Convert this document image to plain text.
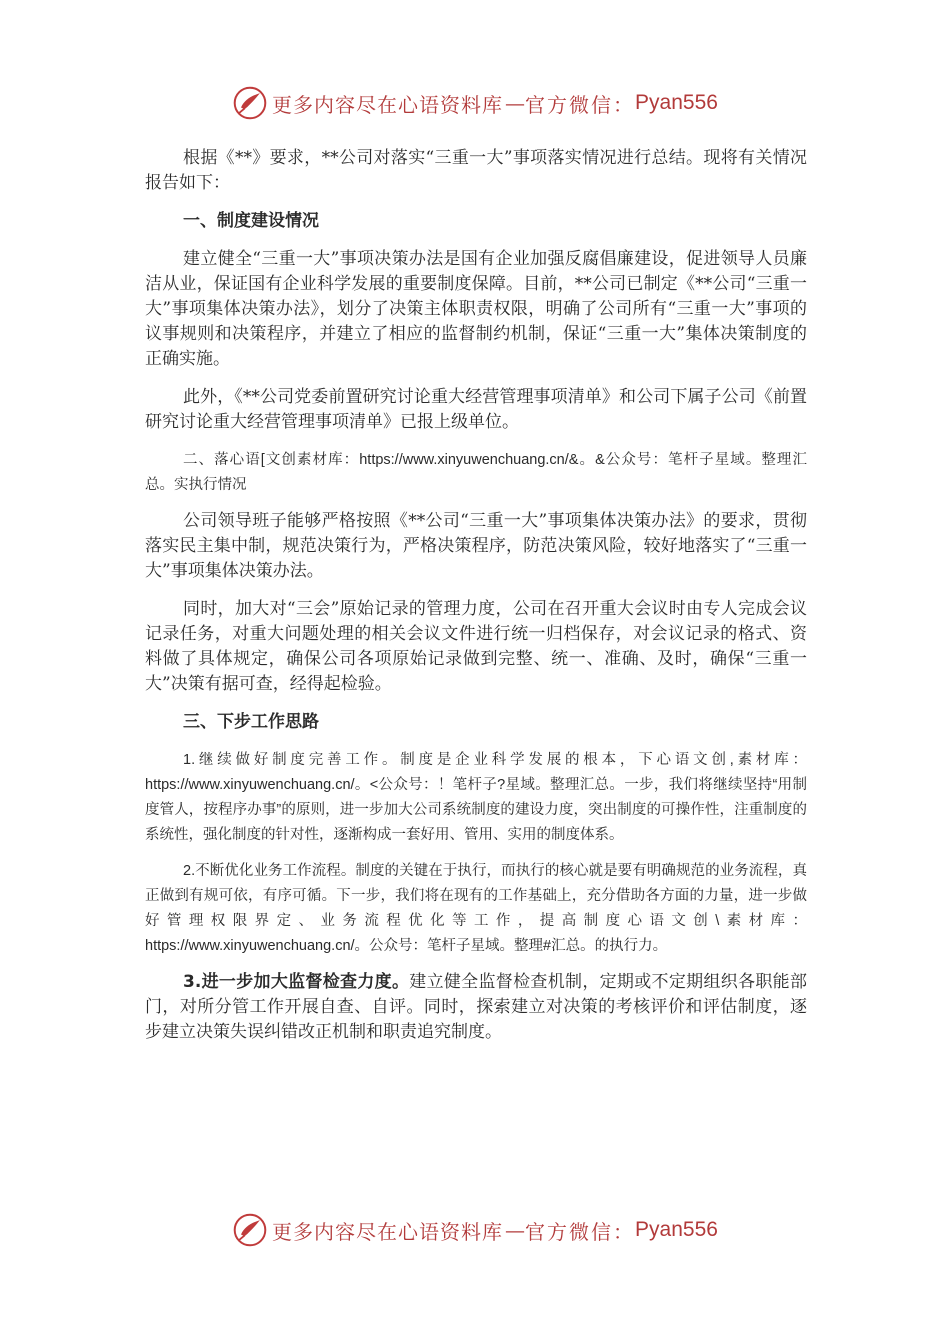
更多内容尽在心语资料库 — 官方微信： Pyan556

根据《**》要求，**公司对落实“三重一大”事项落实情况进行总结。现将有关情况报告如下：

一、制度建设情况

建立健全“三重一大”事项决策办法是国有企业加强反腐倡廉建设，促进领导人员廉洁从业，保证国有企业科学发展的重要制度保障。目前，**公司已制定《**公司“三重一大”事项集体决策办法》，划分了决策主体职责权限，明确了公司所有“三重一大”事项的议事规则和决策程序，并建立了相应的监督制约机制，保证“三重一大”集体决策制度的正确实施。

此外，《**公司党委前置研究讨论重大经营管理事项清单》和公司下属子公司《前置研究讨论重大经营管理事项清单》已报上级单位。

二、落心语[文创素材库：https://www.xinyuwenchuang.cn/&。&公众号：笔杆子星域。整理汇总。实执行情况

公司领导班子能够严格按照《**公司“三重一大”事项集体决策办法》的要求，贯彻落实民主集中制，规范决策行为，严格决策程序，防范决策风险，较好地落实了“三重一大”事项集体决策办法。

同时，加大对“三会”原始记录的管理力度，公司在召开重大会议时由专人完成会议记录任务，对重大问题处理的相关会议文件进行统一归档保存，对会议记录的格式、资料做了具体规定，确保公司各项原始记录做到完整、统一、准确、及时，确保“三重一大”决策有据可查，经得起检验。

三、下步工作思路

1.继续做好制度完善工作。制度是企业科学发展的根本，下心语文创,素材库：https://www.xinyuwenchuang.cn/。<公众号：！笔杆子?星域。整理汇总。一步，我们将继续坚持“用制度管人，按程序办事”的原则，进一步加大公司系统制度的建设力度，突出制度的可操作性，注重制度的系统性，强化制度的针对性，逐渐构成一套好用、管用、实用的制度体系。

2.不断优化业务工作流程。制度的关键在于执行，而执行的核心就是要有明确规范的业务流程，真正做到有规可依，有序可循。下一步，我们将在现有的工作基础上，充分借助各方面的力量，进一步做好管理权限界定、业务流程优化等工作，提高制度心语文创\素材库：https://www.xinyuwenchuang.cn/。公众号：笔杆子星域。整理#汇总。的执行力。

3.进一步加大监督检查力度。建立健全监督检查机制，定期或不定期组织各职能部门，对所分管工作开展自查、自评。同时，探索建立对决策的考核评价和评估制度，逐步建立决策失误纠错改正机制和职责追究制度。

更多内容尽在心语资料库 — 官方微信： Pyan556
